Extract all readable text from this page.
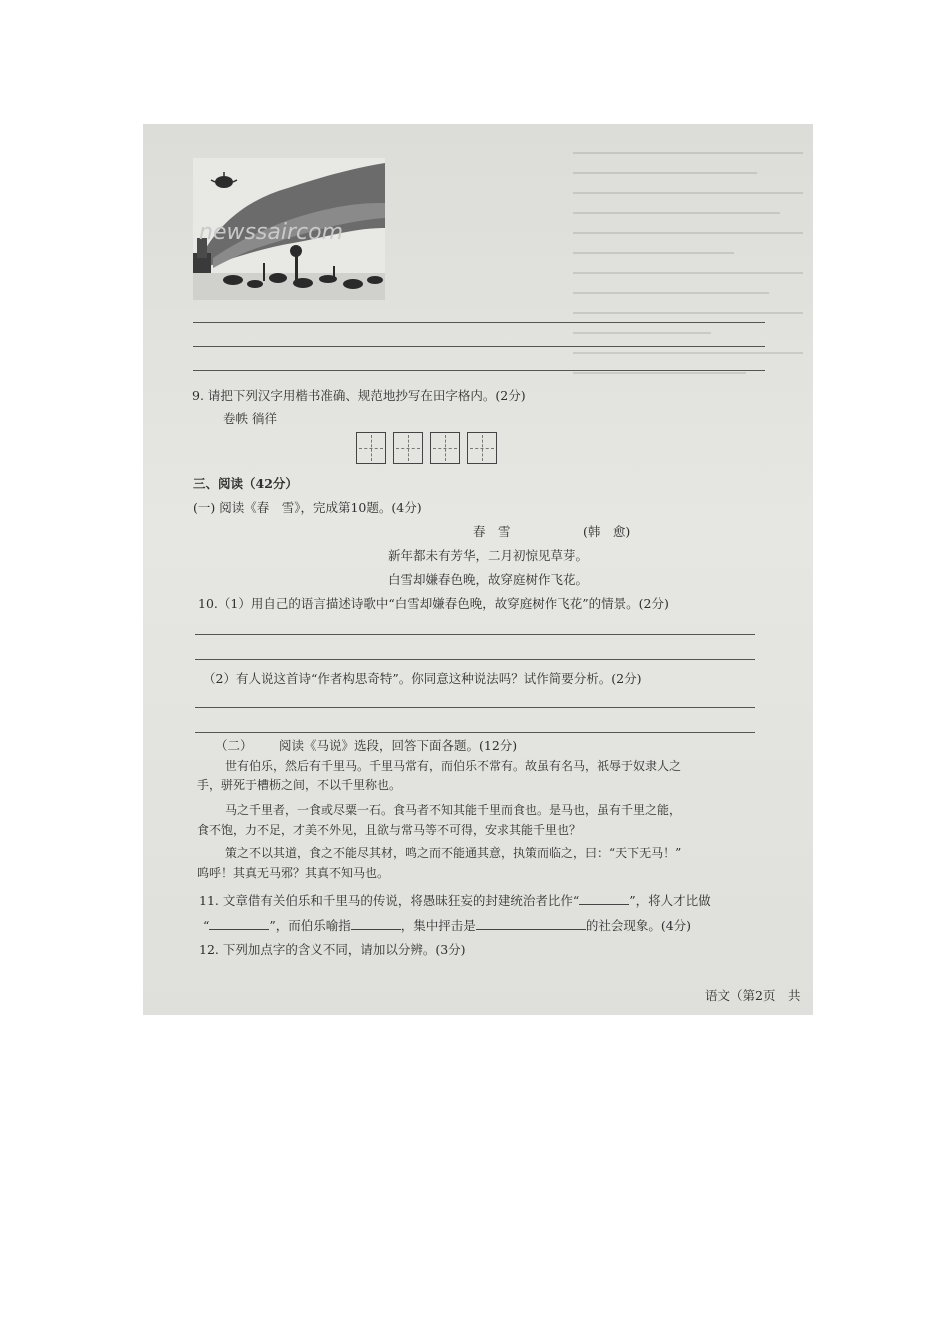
newssaircom
9. 请把下列汉字用楷书准确、规范地抄写在田字格内。(2分)
卷帙 徜徉
三、阅读（42分）
(一) 阅读《春　雪》，完成第10题。(4分)
春　雪	(韩　愈)
新年都未有芳华，二月初惊见草芽。
白雪却嫌春色晚，故穿庭树作飞花。
10.（1）用自己的语言描述诗歌中“白雪却嫌春色晚，故穿庭树作飞花”的情景。(2分)
（2）有人说这首诗“作者构思奇特”。你同意这种说法吗？试作简要分析。(2分)
（二） 阅读《马说》选段，回答下面各题。(12分)
世有伯乐，然后有千里马。千里马常有，而伯乐不常有。故虽有名马，祇辱于奴隶人之
手，骈死于槽枥之间，不以千里称也。
马之千里者，一食或尽粟一石。食马者不知其能千里而食也。是马也，虽有千里之能，
食不饱，力不足，才美不外见，且欲与常马等不可得，安求其能千里也？
策之不以其道，食之不能尽其材，鸣之而不能通其意，执策而临之，曰：“天下无马！”
呜呼！其真无马邪？其真不知马也。
11. 文章借有关伯乐和千里马的传说，将愚昧狂妄的封建统治者比作“	”，将人才比做
“	”，而伯乐喻指	，集中抨击是	的社会现象。(4分)
12. 下列加点字的含义不同，请加以分辨。(3分)
语文（第2页　共
